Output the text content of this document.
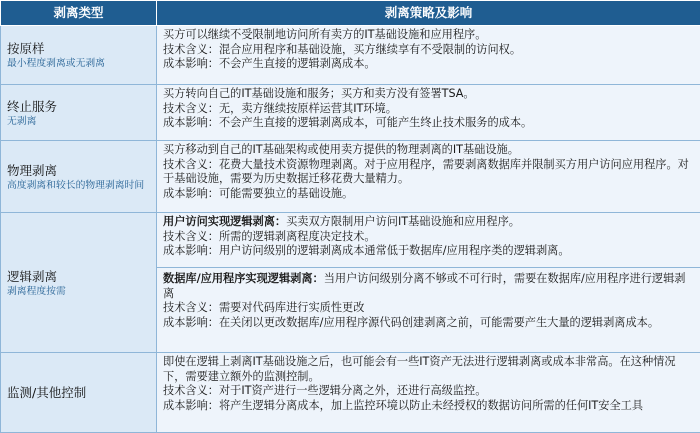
剥离类型	剥离策略及影响

按原样
最小程度剥离或无剥离	买方可以继续不受限制地访问所有卖方的IT基础设施和应用程序。
技术含义：混合应用程序和基础设施，买方继续享有不受限制的访问权。
成本影响：不会产生直接的逻辑剥离成本。

终止服务
无剥离	买方转向自己的IT基础设施和服务；买方和卖方没有签署TSA。
技术含义：无，卖方继续按原样运营其IT环境。
成本影响：不会产生直接的逻辑剥离成本，可能产生终止技术服务的成本。

物理剥离
高度剥离和较长的物理剥离时间	买方移动到自己的IT基础架构或使用卖方提供的物理剥离的IT基础设施。
技术含义：花费大量技术资源物理剥离。对于应用程序，需要剥离数据库并限制买方用户访问应用程序。对于基础设施，需要为历史数据迁移花费大量精力。
成本影响：可能需要独立的基础设施。

逻辑剥离
剥离程度按需	用户访问实现逻辑剥离：买卖双方限制用户访问IT基础设施和应用程序。
技术含义：所需的逻辑剥离程度决定技术。
成本影响：用户访问级别的逻辑剥离成本通常低于数据库/应用程序类的逻辑剥离。

	数据库/应用程序实现逻辑剥离：当用户访问级别分离不够或不可行时，需要在数据库/应用程序进行逻辑剥离
技术含义：需要对代码库进行实质性更改
成本影响：在关闭以更改数据库/应用程序源代码创建剥离之前，可能需要产生大量的逻辑剥离成本。

监测/其他控制	即使在逻辑上剥离IT基础设施之后，也可能会有一些IT资产无法进行逻辑剥离或成本非常高。在这种情况下，需要建立额外的监测控制。
技术含义：对于IT资产进行一些逻辑分离之外，还进行高级监控。
成本影响：将产生逻辑分离成本，加上监控环境以防止未经授权的数据访问所需的任何IT安全工具
